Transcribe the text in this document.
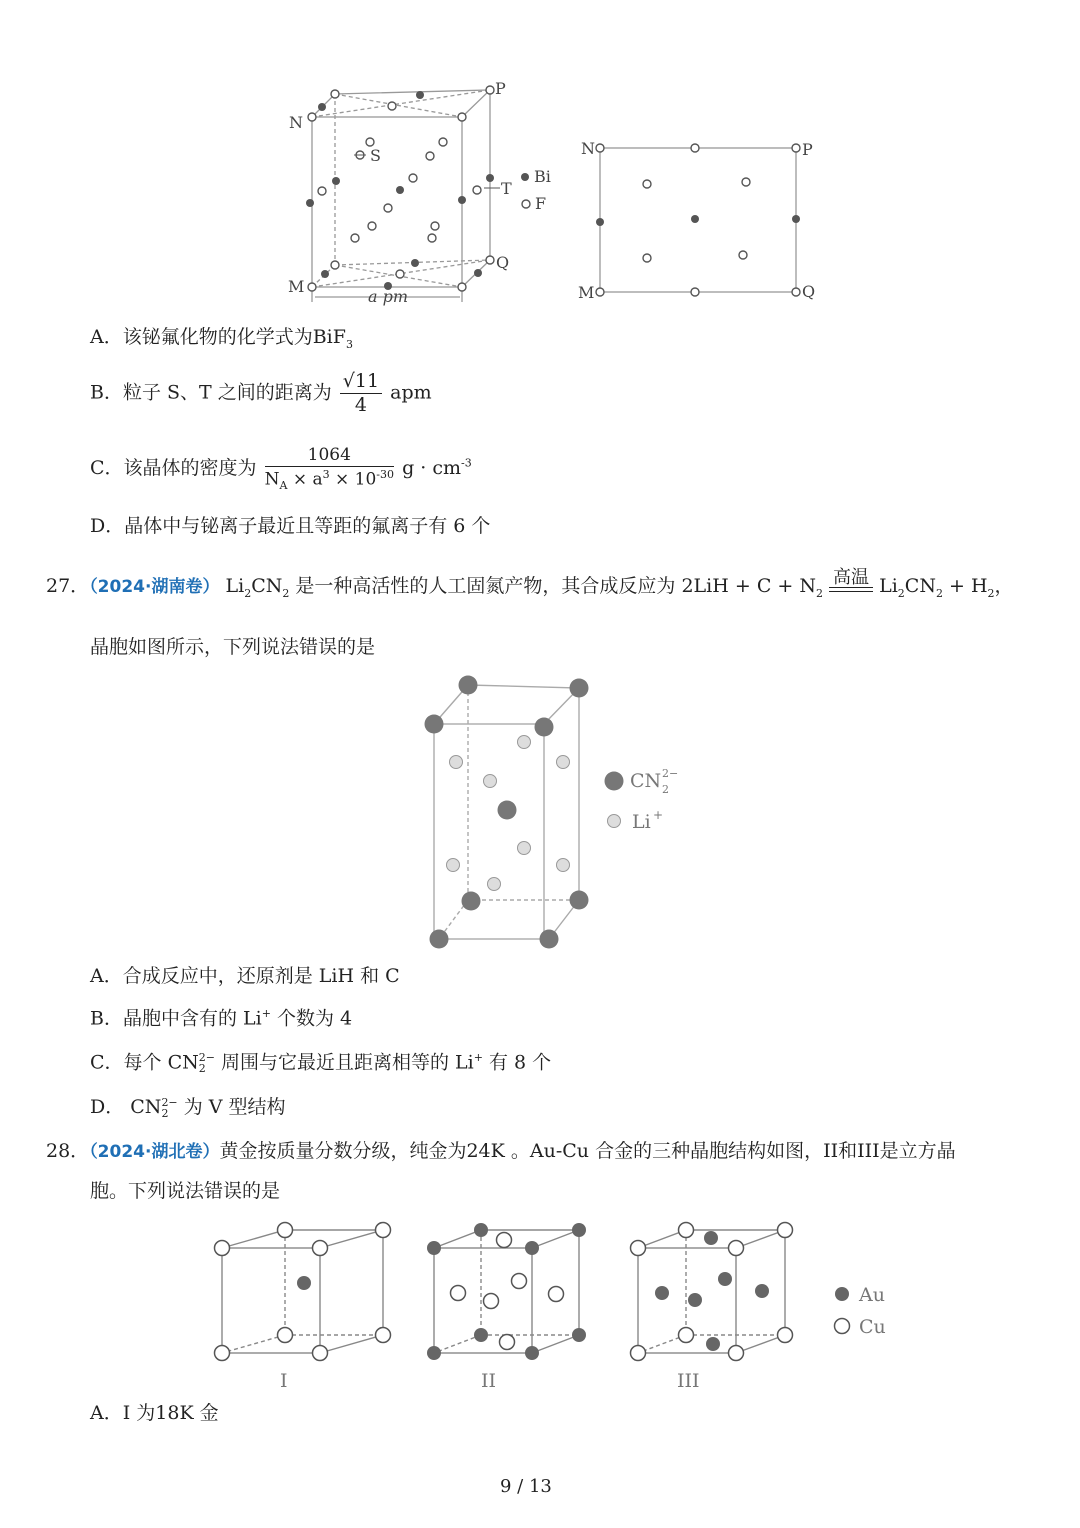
N
P
M
Q
S
T
a pm
Bi
F
N	P
M	Q
A．该铋氟化物的化学式为BiF$_3$
B．粒子 S、T 之间的距离为 $\frac{√11}{4}$ apm
C．该晶体的密度为 $\frac{1064}{N_A \times a^3 \times 10^{-30}}$ $g \cdot cm^{-3}$
D．晶体中与铋离子最近且等距的氟离子有 6 个
27．（2024·湖南卷） $Li_2CN_2$ 是一种高活性的人工固氮产物，其合成反应为 $2LiH + C + N_2$
高温 $Li_2CN_2 + H_2$，
晶胞如图所示，下列说法错误的是
CN 2−
2
Li +
A．合成反应中，还原剂是 LiH 和 C
B．晶胞中含有的 Li+ 个数为 4
C．每个 CN 2−
2 周围与它最近且距离相等的 Li+ 有 8 个
D． CN 2−
2 为 V 型结构
28．（2024·湖北卷）黄金按质量分数分级，纯金为24K 。Au-Cu 合金的三种晶胞结构如图，II和III是立方晶
胞。下列说法错误的是
I	II	III
Au
Cu
A．I 为18K 金
9 / 13
